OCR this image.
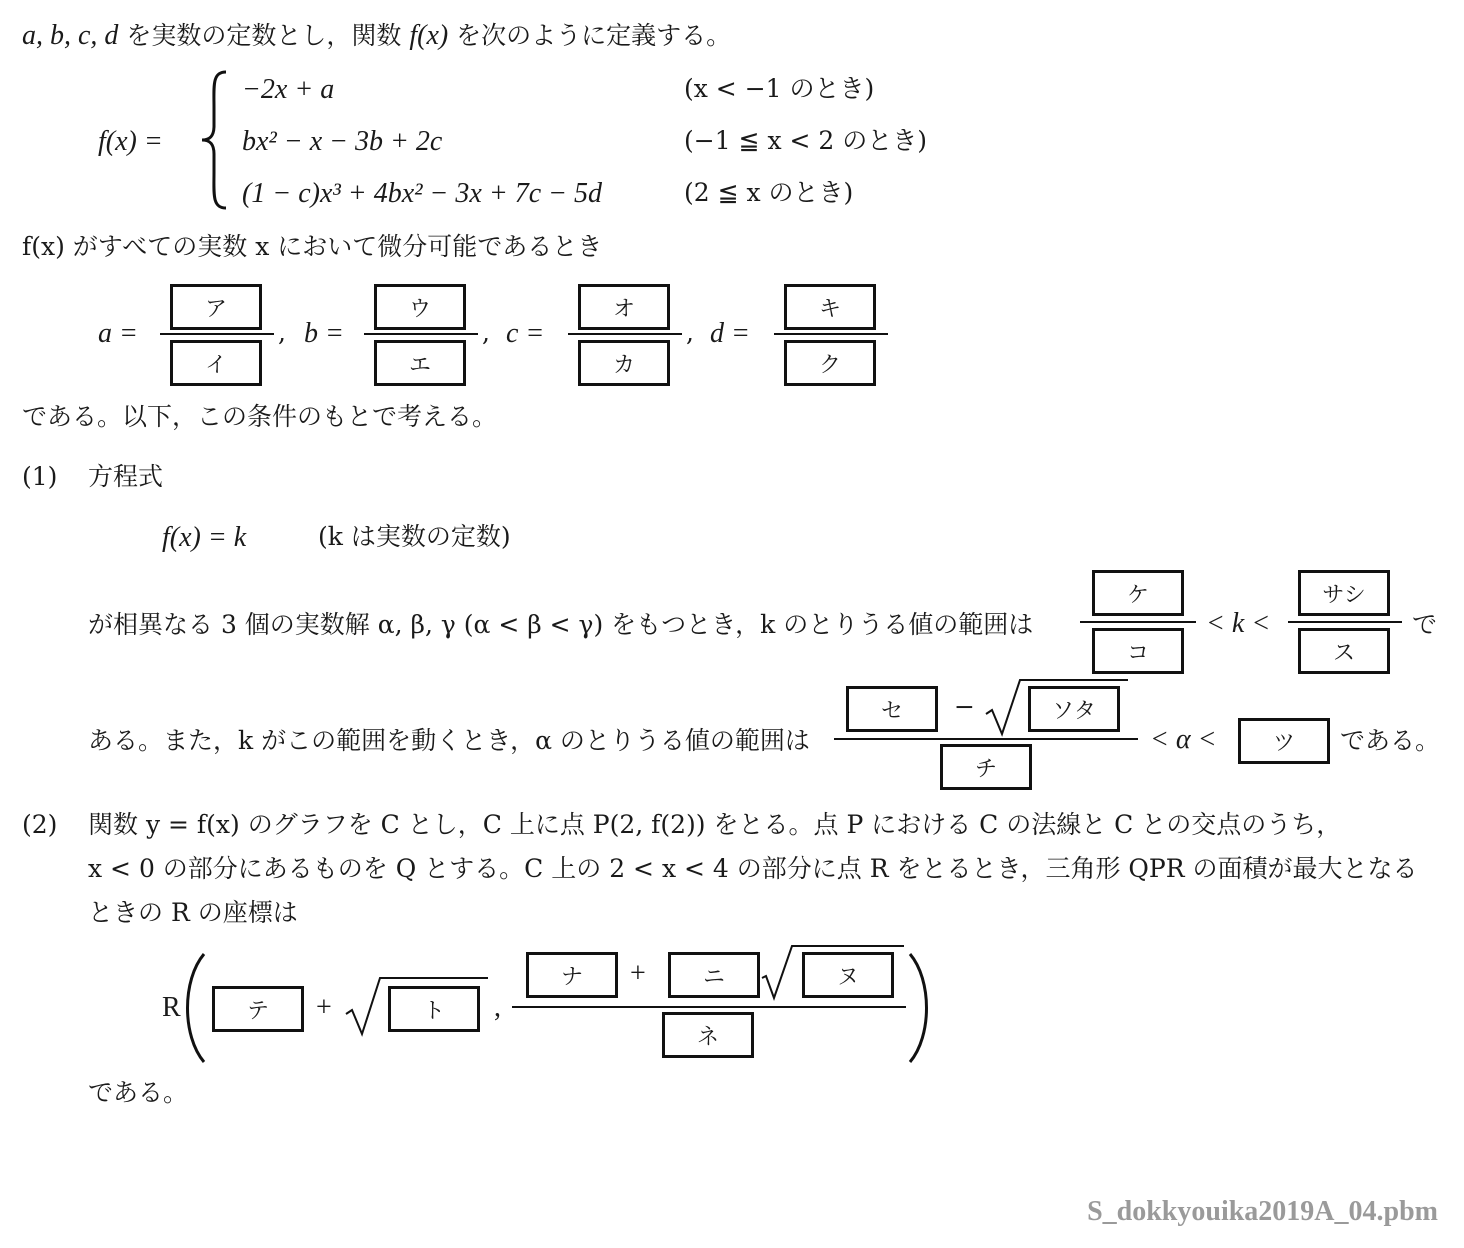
a, b, c, d を実数の定数とし，関数 f(x) を次のように定義する。
f(x) =
−2x + a	(x < −1 のとき)
bx² − x − 3b + 2c	(−1 ≦ x < 2 のとき)
(1 − c)x³ + 4bx² − 3x + 7c − 5d	(2 ≦ x のとき)
f(x) がすべての実数 x において微分可能であるとき
a =
ア
イ
, b =
ウ
エ
, c =
オ
カ
, d =
キ
ク
である。以下，この条件のもとで考える。
(1) 方程式
f(x) = k	(k は実数の定数)
が相異なる 3 個の実数解 α, β, γ (α < β < γ) をもつとき，k のとりうる値の範囲は
ケ
コ
< k <
サシ
ス
で
ある。また，k がこの範囲を動くとき，α のとりうる値の範囲は
セ	−	ソタ
チ
< α <	ツ	である。
(2) 関数 y = f(x) のグラフを C とし，C 上に点 P(2, f(2)) をとる。点 P における C の法線と C との交点のうち，
x < 0 の部分にあるものを Q とする。C 上の 2 < x < 4 の部分に点 R をとるとき，三角形 QPR の面積が最大となる
ときの R の座標は
R	テ	+	ト	,
ナ	+	ニ	ヌ
ネ
である。
S_dokkyouika2019A_04.pbm
